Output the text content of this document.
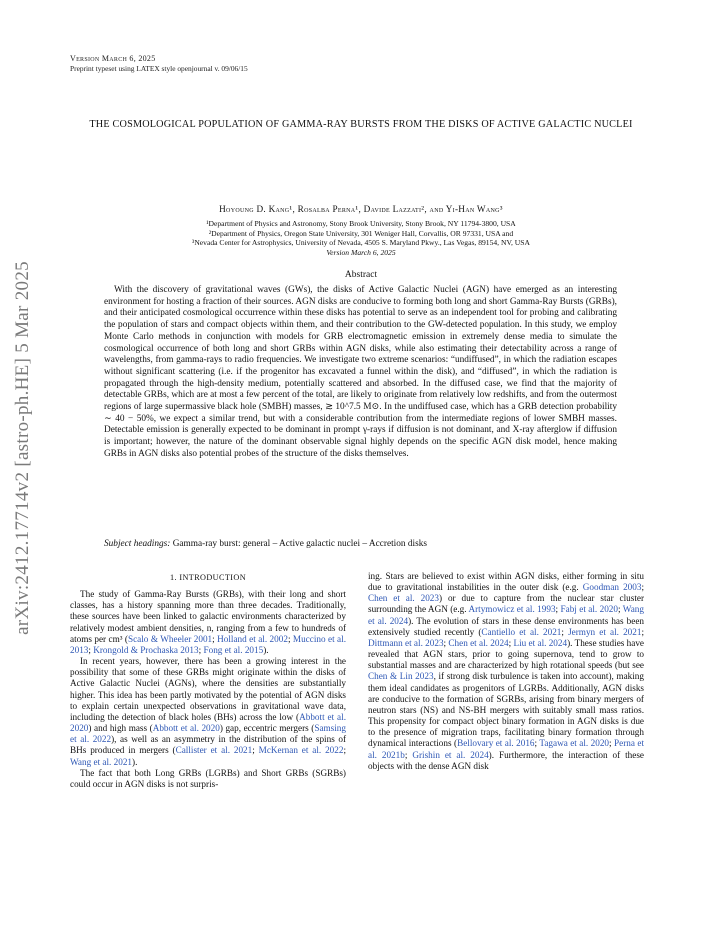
arXiv:2412.17714v2 [astro-ph.HE] 5 Mar 2025
Version March 6, 2025
Preprint typeset using LATEX style openjournal v. 09/06/15
THE COSMOLOGICAL POPULATION OF GAMMA-RAY BURSTS FROM THE DISKS OF ACTIVE GALACTIC NUCLEI
Hoyoung D. Kang¹, Rosalba Perna¹, Davide Lazzati², and Yi-Han Wang³
¹Department of Physics and Astronomy, Stony Brook University, Stony Brook, NY 11794-3800, USA
²Department of Physics, Oregon State University, 301 Weniger Hall, Corvallis, OR 97331, USA and
³Nevada Center for Astrophysics, University of Nevada, 4505 S. Maryland Pkwy., Las Vegas, 89154, NV, USA
Version March 6, 2025
Abstract
With the discovery of gravitational waves (GWs), the disks of Active Galactic Nuclei (AGN) have emerged as an interesting environment for hosting a fraction of their sources. AGN disks are conducive to forming both long and short Gamma-Ray Bursts (GRBs), and their anticipated cosmological occurrence within these disks has potential to serve as an independent tool for probing and calibrating the population of stars and compact objects within them, and their contribution to the GW-detected population. In this study, we employ Monte Carlo methods in conjunction with models for GRB electromagnetic emission in extremely dense media to simulate the cosmological occurrence of both long and short GRBs within AGN disks, while also estimating their detectability across a range of wavelengths, from gamma-rays to radio frequencies. We investigate two extreme scenarios: “undiffused”, in which the radiation escapes without significant scattering (i.e. if the progenitor has excavated a funnel within the disk), and “diffused”, in which the radiation is propagated through the high-density medium, potentially scattered and absorbed. In the diffused case, we find that the majority of detectable GRBs, which are at most a few percent of the total, are likely to originate from relatively low redshifts, and from the outermost regions of large supermassive black hole (SMBH) masses, ≳ 10^7.5 M⊙. In the undiffused case, which has a GRB detection probability ∼ 40 − 50%, we expect a similar trend, but with a considerable contribution from the intermediate regions of lower SMBH masses. Detectable emission is generally expected to be dominant in prompt γ-rays if diffusion is not dominant, and X-ray afterglow if diffusion is important; however, the nature of the dominant observable signal highly depends on the specific AGN disk model, hence making GRBs in AGN disks also potential probes of the structure of the disks themselves.
Subject headings: Gamma-ray burst: general – Active galactic nuclei – Accretion disks
1. INTRODUCTION

The study of Gamma-Ray Bursts (GRBs), with their long and short classes, has a history spanning more than three decades. Traditionally, these sources have been linked to galactic environments characterized by relatively modest ambient densities, n, ranging from a few to hundreds of atoms per cm³ (Scalo & Wheeler 2001; Holland et al. 2002; Muccino et al. 2013; Krongold & Prochaska 2013; Fong et al. 2015).

In recent years, however, there has been a growing interest in the possibility that some of these GRBs might originate within the disks of Active Galactic Nuclei (AGNs), where the densities are substantially higher. This idea has been partly motivated by the potential of AGN disks to explain certain unexpected observations in gravitational wave data, including the detection of black holes (BHs) across the low (Abbott et al. 2020) and high mass (Abbott et al. 2020) gap, eccentric mergers (Samsing et al. 2022), as well as an asymmetry in the distribution of the spins of BHs produced in mergers (Callister et al. 2021; McKernan et al. 2022; Wang et al. 2021).

The fact that both Long GRBs (LGRBs) and Short GRBs (SGRBs) could occur in AGN disks is not surpris-

ing. Stars are believed to exist within AGN disks, either forming in situ due to gravitational instabilities in the outer disk (e.g. Goodman 2003; Chen et al. 2023) or due to capture from the nuclear star cluster surrounding the AGN (e.g. Artymowicz et al. 1993; Fabj et al. 2020; Wang et al. 2024). The evolution of stars in these dense environments has been extensively studied recently (Cantiello et al. 2021; Jermyn et al. 2021; Dittmann et al. 2023; Chen et al. 2024; Liu et al. 2024). These studies have revealed that AGN stars, prior to going supernova, tend to grow to substantial masses and are characterized by high rotational speeds (but see Chen & Lin 2023, if strong disk turbulence is taken into account), making them ideal candidates as progenitors of LGRBs. Additionally, AGN disks are conducive to the formation of SGRBs, arising from binary mergers of neutron stars (NS) and NS-BH mergers with suitably small mass ratios. This propensity for compact object binary formation in AGN disks is due to the presence of migration traps, facilitating binary formation through dynamical interactions (Bellovary et al. 2016; Tagawa et al. 2020; Perna et al. 2021b; Grishin et al. 2024). Furthermore, the interaction of these objects with the dense AGN disk
